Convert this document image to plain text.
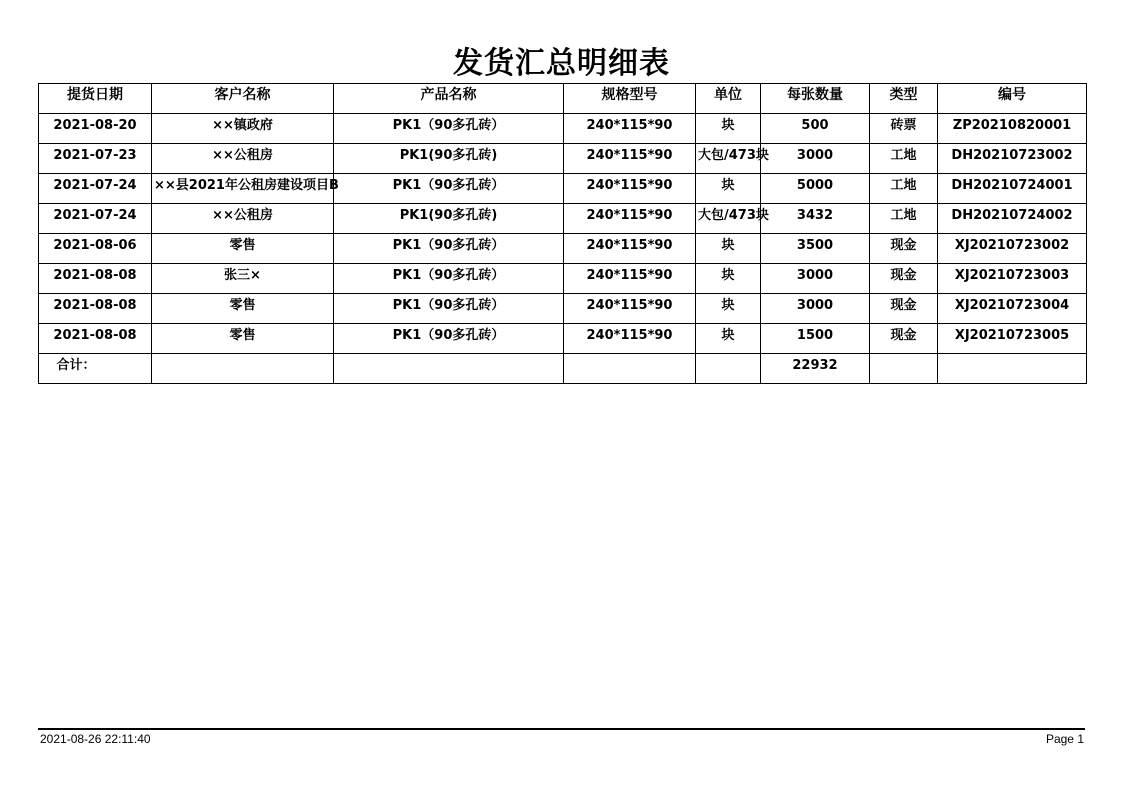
发货汇总明细表
提货日期	客户名称	产品名称	规格型号	单位	每张数量	类型	编号
2021-08-20	××镇政府	PK1（90多孔砖）	240*115*90	块	500	砖票	ZP20210820001
2021-07-23	××公租房	PK1(90多孔砖)	240*115*90	大包/473块	3000	工地	DH20210723002
2021-07-24	××县2021年公租房建设项目B	PK1（90多孔砖）	240*115*90	块	5000	工地	DH20210724001
2021-07-24	××公租房	PK1(90多孔砖)	240*115*90	大包/473块	3432	工地	DH20210724002
2021-08-06	零售	PK1（90多孔砖）	240*115*90	块	3500	现金	XJ20210723002
2021-08-08	张三×	PK1（90多孔砖）	240*115*90	块	3000	现金	XJ20210723003
2021-08-08	零售	PK1（90多孔砖）	240*115*90	块	3000	现金	XJ20210723004
2021-08-08	零售	PK1（90多孔砖）	240*115*90	块	1500	现金	XJ20210723005
合计：					22932		
2021-08-26 22:11:40	Page 1
